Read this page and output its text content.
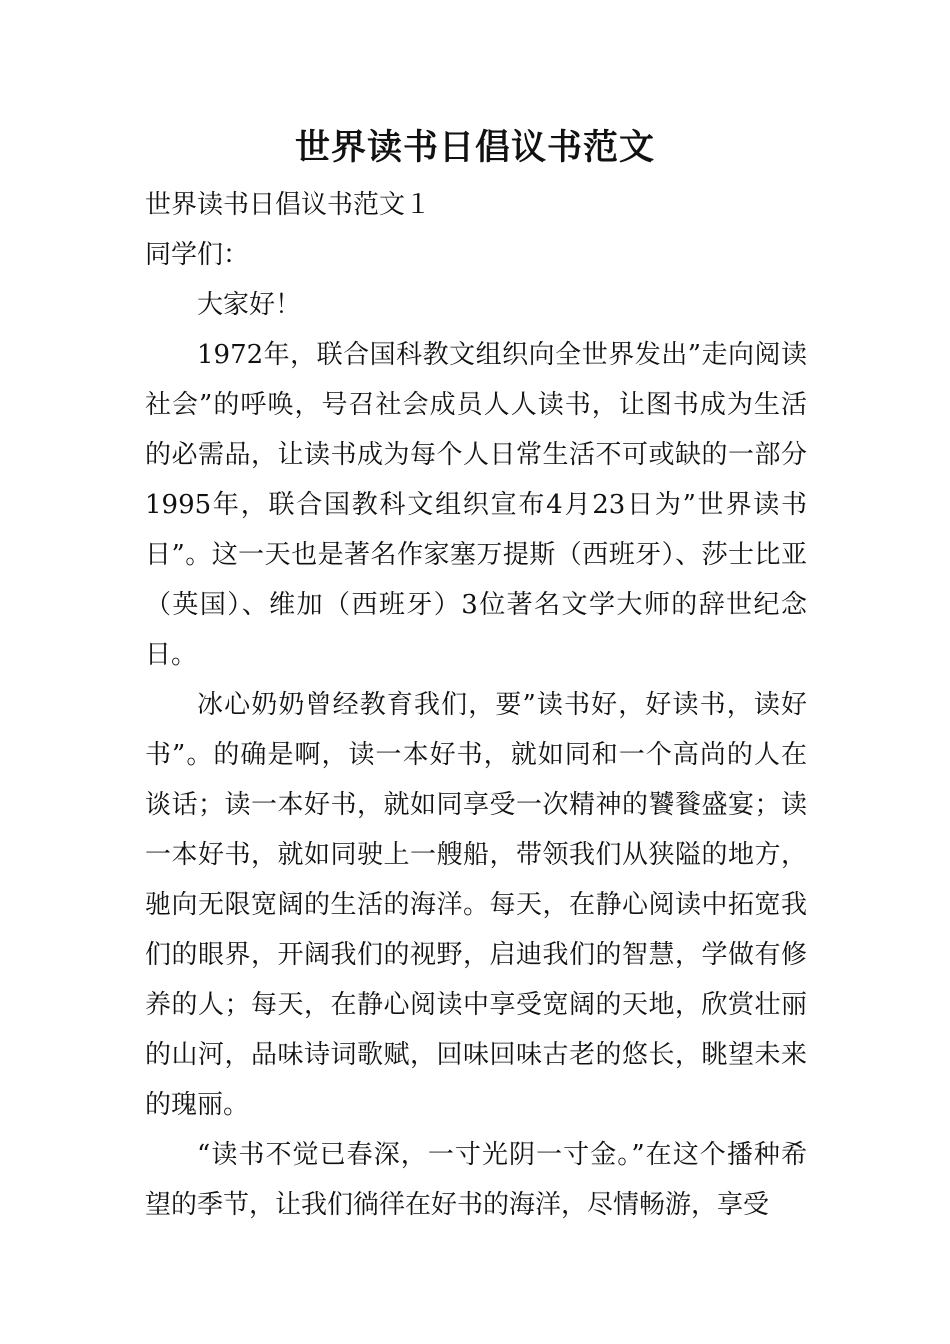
世界读书日倡议书范文

世界读书日倡议书范文１

同学们：

大家好！

1972年，联合国科教文组织向全世界发出”走向阅读社会”的呼唤，号召社会成员人人读书，让图书成为生活的必需品，让读书成为每个人日常生活不可或缺的一部分1995年，联合国教科文组织宣布4月23日为”世界读书日”。这一天也是著名作家塞万提斯（西班牙）、莎士比亚（英国）、维加（西班牙）3位著名文学大师的辞世纪念日。

冰心奶奶曾经教育我们，要”读书好，好读书，读好书”。的确是啊，读一本好书，就如同和一个高尚的人在谈话；读一本好书，就如同享受一次精神的饕餮盛宴；读一本好书，就如同驶上一艘船，带领我们从狭隘的地方，驰向无限宽阔的生活的海洋。每天，在静心阅读中拓宽我们的眼界，开阔我们的视野，启迪我们的智慧，学做有修养的人；每天，在静心阅读中享受宽阔的天地，欣赏壮丽的山河，品味诗词歌赋，回味回味古老的悠长，眺望未来的瑰丽。

“读书不觉已春深，一寸光阴一寸金。”在这个播种希望的季节，让我们徜徉在好书的海洋，尽情畅游，享受
